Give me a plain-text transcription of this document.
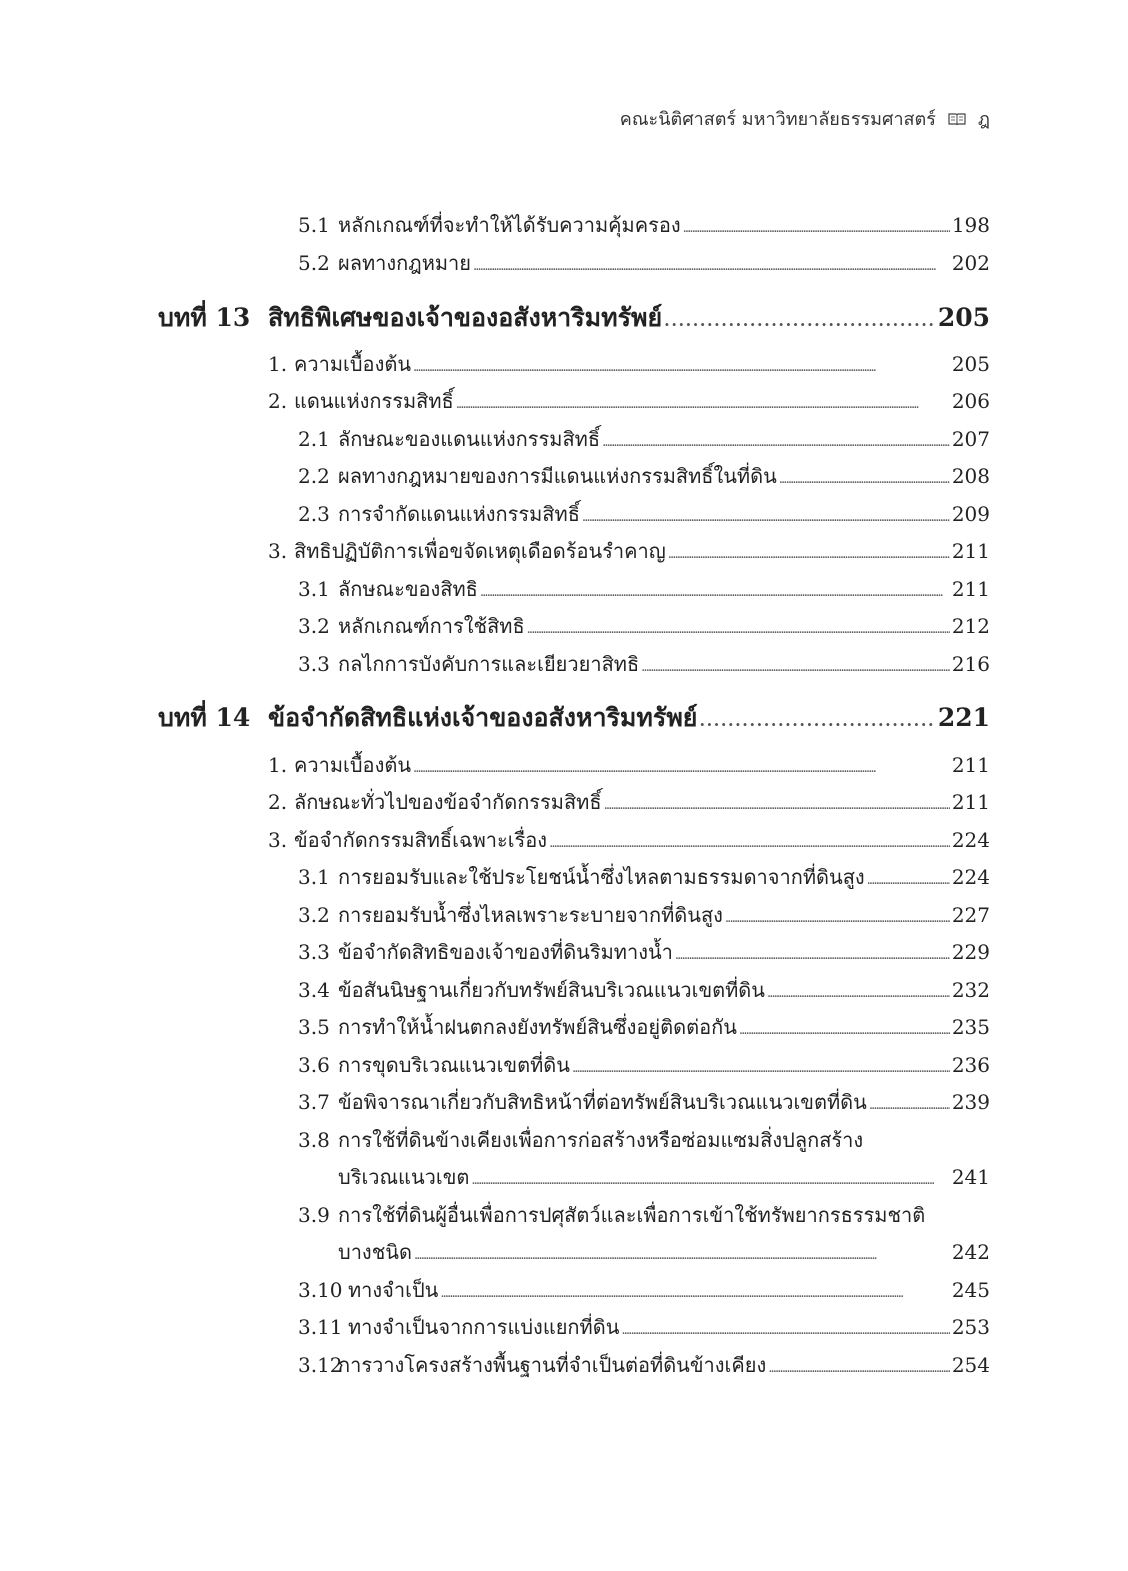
คณะนิติศาสตร์ มหาวิทยาลัยธรรมศาสตร์ ฎ
5.1 หลักเกณฑ์ที่จะทำให้ได้รับความคุ้มครอง . . .	198
5.2 ผลทางกฎหมาย . . .	202
บทที่ 13 สิทธิพิเศษของเจ้าของอสังหาริมทรัพย์ . . .	205
1. ความเบื้องต้น . . .	205
2. แดนแห่งกรรมสิทธิ์ . . .	206
2.1 ลักษณะของแดนแห่งกรรมสิทธิ์ . . .	207
2.2 ผลทางกฎหมายของการมีแดนแห่งกรรมสิทธิ์ในที่ดิน . . .	208
2.3 การจำกัดแดนแห่งกรรมสิทธิ์ . . .	209
3. สิทธิปฏิบัติการเพื่อขจัดเหตุเดือดร้อนรำคาญ . . .	211
3.1 ลักษณะของสิทธิ . . .	211
3.2 หลักเกณฑ์การใช้สิทธิ . . .	212
3.3 กลไกการบังคับการและเยียวยาสิทธิ . . .	216
บทที่ 14 ข้อจำกัดสิทธิแห่งเจ้าของอสังหาริมทรัพย์ . . .	221
1. ความเบื้องต้น . . .	211
2. ลักษณะทั่วไปของข้อจำกัดกรรมสิทธิ์ . . .	211
3. ข้อจำกัดกรรมสิทธิ์เฉพาะเรื่อง . . .	224
3.1 การยอมรับและใช้ประโยชน์น้ำซึ่งไหลตามธรรมดาจากที่ดินสูง . . .	224
3.2 การยอมรับน้ำซึ่งไหลเพราะระบายจากที่ดินสูง . . .	227
3.3 ข้อจำกัดสิทธิของเจ้าของที่ดินริมทางน้ำ . . .	229
3.4 ข้อสันนิษฐานเกี่ยวกับทรัพย์สินบริเวณแนวเขตที่ดิน . . .	232
3.5 การทำให้น้ำฝนตกลงยังทรัพย์สินซึ่งอยู่ติดต่อกัน . . .	235
3.6 การขุดบริเวณแนวเขตที่ดิน . . .	236
3.7 ข้อพิจารณาเกี่ยวกับสิทธิหน้าที่ต่อทรัพย์สินบริเวณแนวเขตที่ดิน . . .	239
3.8 การใช้ที่ดินข้างเคียงเพื่อการก่อสร้างหรือซ่อมแซมสิ่งปลูกสร้าง
บริเวณแนวเขต . . .	241
3.9 การใช้ที่ดินผู้อื่นเพื่อการปศุสัตว์และเพื่อการเข้าใช้ทรัพยากรธรรมชาติ
บางชนิด . . .	242
3.10 ทางจำเป็น . . .	245
3.11 ทางจำเป็นจากการแบ่งแยกที่ดิน . . .	253
3.12การวางโครงสร้างพื้นฐานที่จำเป็นต่อที่ดินข้างเคียง . . .	254
